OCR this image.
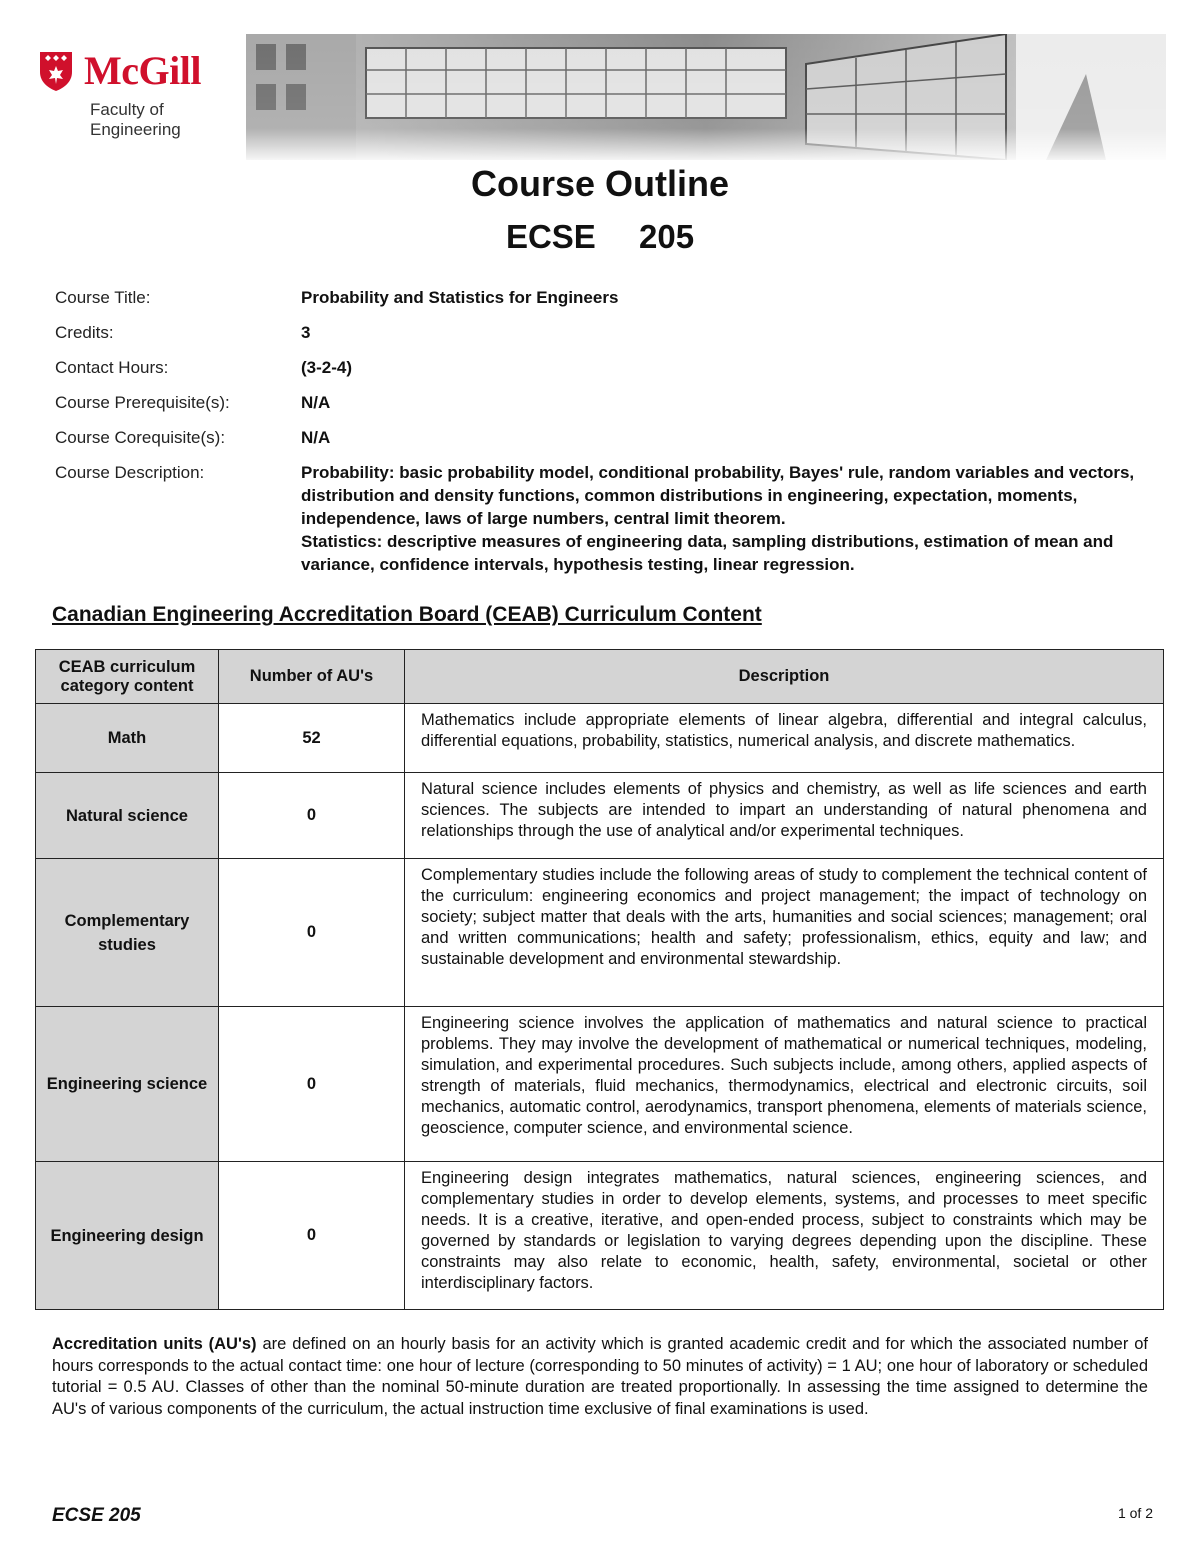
McGill
Faculty of
Engineering
Course Outline
ECSE 205
Course Title:	Probability and Statistics for Engineers
Credits:	3
Contact Hours:	(3-2-4)
Course Prerequisite(s):	N/A
Course Corequisite(s):	N/A
Course Description:	Probability: basic probability model, conditional probability, Bayes' rule, random variables and vectors, distribution and density functions, common distributions in engineering, expectation, moments, independence, laws of large numbers, central limit theorem.

Statistics: descriptive measures of engineering data, sampling distributions, estimation of mean and variance, confidence intervals, hypothesis testing, linear regression.

Canadian Engineering Accreditation Board (CEAB) Curriculum Content
CEAB curriculum category content	Number of AU's	Description
Math	52	Mathematics include appropriate elements of linear algebra, differential and integral calculus, differential equations, probability, statistics, numerical analysis, and discrete mathematics.
Natural science	0	Natural science includes elements of physics and chemistry, as well as life sciences and earth sciences. The subjects are intended to impart an understanding of natural phenomena and relationships through the use of analytical and/or experimental techniques.
Complementary studies	0	Complementary studies include the following areas of study to complement the technical content of the curriculum: engineering economics and project management; the impact of technology on society; subject matter that deals with the arts, humanities and social sciences; management; oral and written communications; health and safety; professionalism, ethics, equity and law; and sustainable development and environmental stewardship.
Engineering science	0	Engineering science involves the application of mathematics and natural science to practical problems. They may involve the development of mathematical or numerical techniques, modeling, simulation, and experimental procedures. Such subjects include, among others, applied aspects of strength of materials, fluid mechanics, thermodynamics, electrical and electronic circuits, soil mechanics, automatic control, aerodynamics, transport phenomena, elements of materials science, geoscience, computer science, and environmental science.
Engineering design	0	Engineering design integrates mathematics, natural sciences, engineering sciences, and complementary studies in order to develop elements, systems, and processes to meet specific needs. It is a creative, iterative, and open-ended process, subject to constraints which may be governed by standards or legislation to varying degrees depending upon the discipline. These constraints may also relate to economic, health, safety, environmental, societal or other interdisciplinary factors.
Accreditation units (AU's) are defined on an hourly basis for an activity which is granted academic credit and for which the associated number of hours corresponds to the actual contact time: one hour of lecture (corresponding to 50 minutes of activity) = 1 AU; one hour of laboratory or scheduled tutorial = 0.5 AU. Classes of other than the nominal 50-minute duration are treated proportionally. In assessing the time assigned to determine the AU's of various components of the curriculum, the actual instruction time exclusive of final examinations is used.
ECSE 205	1 of 2
